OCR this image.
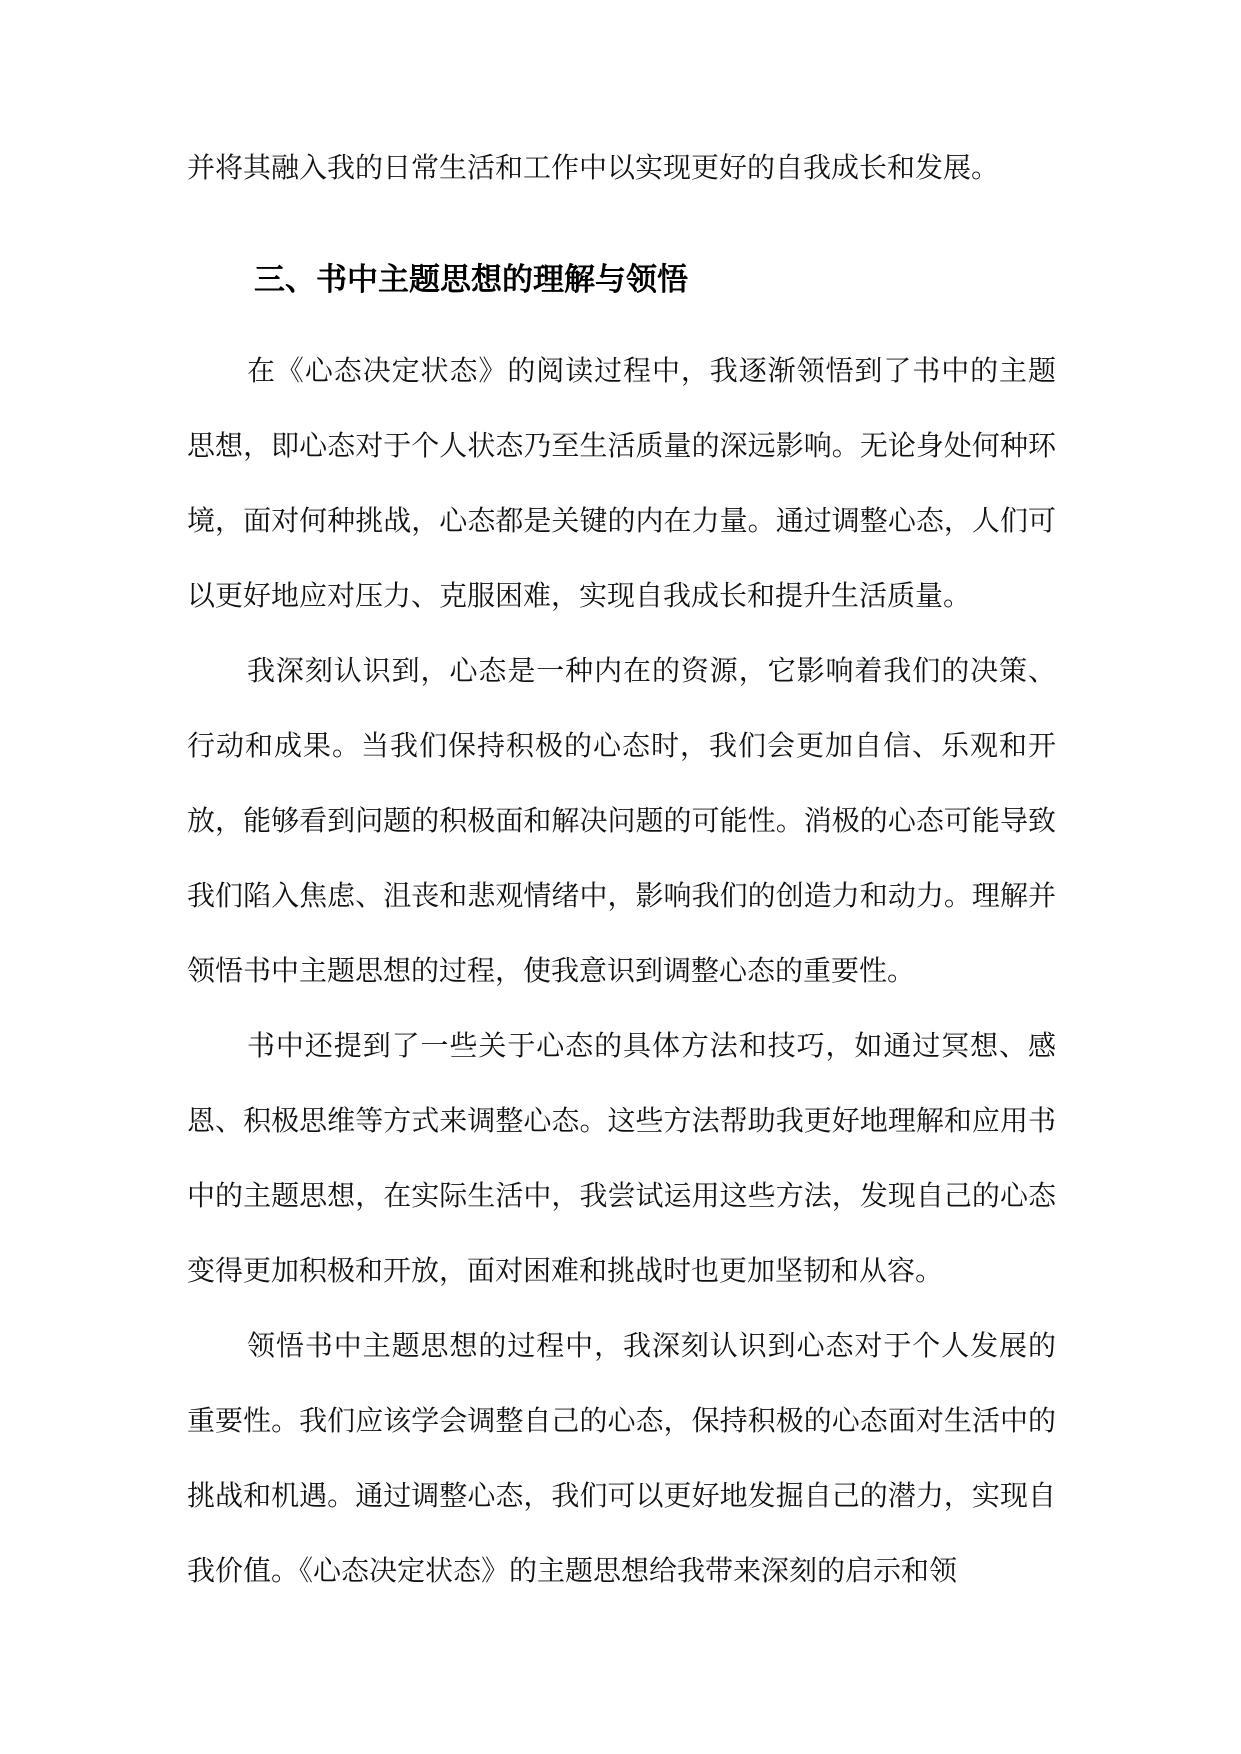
并将其融入我的日常生活和工作中以实现更好的自我成长和发展。
三、书中主题思想的理解与领悟

在《心态决定状态》的阅读过程中，我逐渐领悟到了书中的主题思想，即心态对于个人状态乃至生活质量的深远影响。无论身处何种环境，面对何种挑战，心态都是关键的内在力量。通过调整心态，人们可以更好地应对压力、克服困难，实现自我成长和提升生活质量。

我深刻认识到，心态是一种内在的资源，它影响着我们的决策、行动和成果。当我们保持积极的心态时，我们会更加自信、乐观和开放，能够看到问题的积极面和解决问题的可能性。消极的心态可能导致我们陷入焦虑、沮丧和悲观情绪中，影响我们的创造力和动力。理解并领悟书中主题思想的过程，使我意识到调整心态的重要性。

书中还提到了一些关于心态的具体方法和技巧，如通过冥想、感恩、积极思维等方式来调整心态。这些方法帮助我更好地理解和应用书中的主题思想，在实际生活中，我尝试运用这些方法，发现自己的心态变得更加积极和开放，面对困难和挑战时也更加坚韧和从容。

领悟书中主题思想的过程中，我深刻认识到心态对于个人发展的重要性。我们应该学会调整自己的心态，保持积极的心态面对生活中的挑战和机遇。通过调整心态，我们可以更好地发掘自己的潜力，实现自我价值。《心态决定状态》的主题思想给我带来深刻的启示和领
